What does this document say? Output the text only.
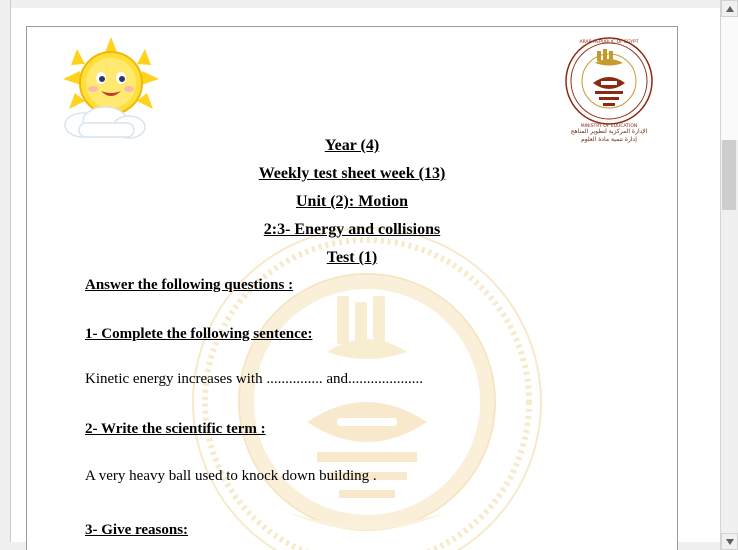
ARAB REPUBLIC OF EGYPT
MINISTRY OF EDUCATION
الإدارة المركزية لتطوير المناهج
إدارة تنمية مادة العلوم
Year (4)
Weekly test sheet week (13)
Unit (2): Motion
2:3- Energy and collisions
Test (1)
Answer the following questions :
1- Complete the following sentence:
Kinetic energy increases with ............... and....................
2- Write the scientific term :
A very heavy ball used to knock down building .
3- Give reasons:
